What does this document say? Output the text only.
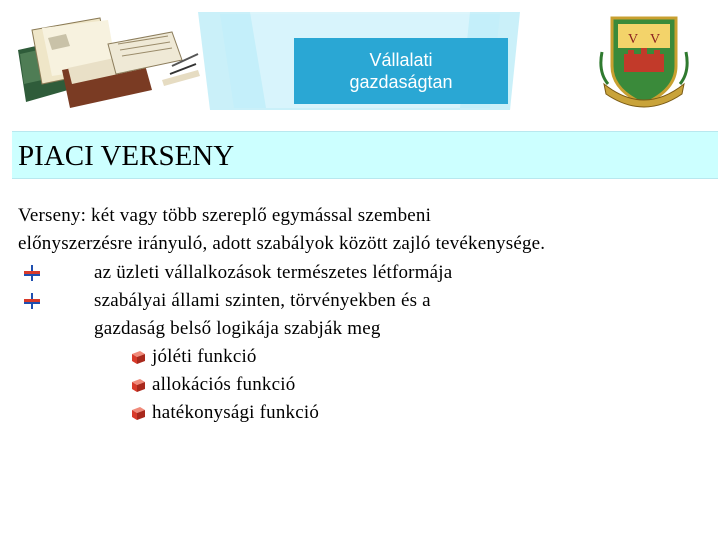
Vállalati
gazdaságtan
V V
PIACI VERSENY
Verseny: két vagy több szereplő egymással szembeni
előnyszerzésre irányuló, adott szabályok között zajló tevékenysége.
az üzleti vállalkozások természetes létformája
szabályai állami szinten, törvényekben és a
gazdaság belső logikája szabják meg
jóléti funkció
allokációs funkció
hatékonysági funkció
